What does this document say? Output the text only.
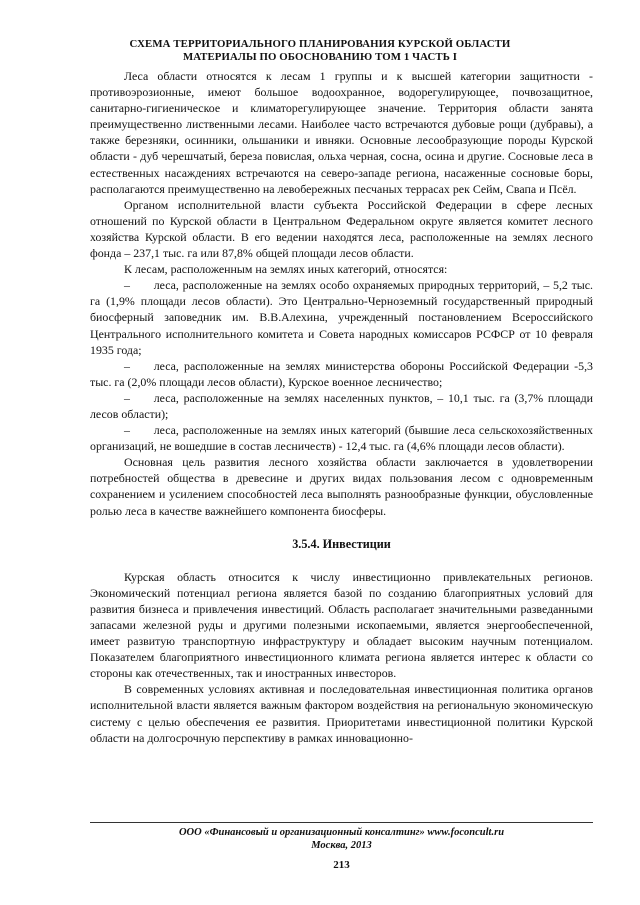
СХЕМА ТЕРРИТОРИАЛЬНОГО ПЛАНИРОВАНИЯ КУРСКОЙ ОБЛАСТИ
МАТЕРИАЛЫ ПО ОБОСНОВАНИЮ ТОМ 1 ЧАСТЬ I

Леса области относятся к лесам 1 группы и к высшей категории защитности - противоэрозионные, имеют большое водоохранное, водорегулирующее, почвозащитное, санитарно-гигиеническое и климаторегулирующее значение. Территория области занята преимущественно лиственными лесами. Наиболее часто встречаются дубовые рощи (дубравы), а также березняки, осинники, ольшаники и ивняки. Основные лесообразующие породы Курской области - дуб черешчатый, береза повислая, ольха черная, сосна, осина и другие. Сосновые леса в естественных насаждениях встречаются на северо-западе региона, насаженные сосновые боры, располагаются преимущественно на левобережных песчаных террасах рек Сейм, Свапа и Псёл.

Органом исполнительной власти субъекта Российской Федерации в сфере лесных отношений по Курской области в Центральном Федеральном округе является комитет лесного хозяйства Курской области. В его ведении находятся леса, расположенные на землях лесного фонда – 237,1 тыс. га или 87,8% общей площади лесов области.

К лесам, расположенным на землях иных категорий, относятся:

–  леса, расположенные на землях особо охраняемых природных территорий, – 5,2 тыс. га (1,9% площади лесов области). Это Центрально-Черноземный государственный природный биосферный заповедник им. В.В.Алехина, учрежденный постановлением Всероссийского Центрального исполнительного комитета и Совета народных комиссаров РСФСР от 10 февраля 1935 года;

–  леса, расположенные на землях министерства обороны Российской Федерации -5,3 тыс. га (2,0% площади лесов области), Курское военное лесничество;

–  леса, расположенные на землях населенных пунктов, – 10,1 тыс. га (3,7% площади лесов области);

–  леса, расположенные на землях иных категорий (бывшие леса сельскохозяйственных организаций, не вошедшие в состав лесничеств) - 12,4 тыс. га (4,6% площади лесов области).

Основная цель развития лесного хозяйства области заключается в удовлетворении потребностей общества в древесине и других видах пользования лесом с одновременным сохранением и усилением способностей леса выполнять разнообразные функции, обусловленные ролью леса в качестве важнейшего компонента биосферы.

3.5.4. Инвестиции

Курская область относится к числу инвестиционно привлекательных регионов. Экономический потенциал региона является базой по созданию благоприятных условий для развития бизнеса и привлечения инвестиций. Область располагает значительными разведанными запасами железной руды и другими полезными ископаемыми, является энергообеспеченной, имеет развитую транспортную инфраструктуру и обладает высоким научным потенциалом. Показателем благоприятного инвестиционного климата региона является интерес к области со стороны как отечественных, так и иностранных инвесторов.

В современных условиях активная и последовательная инвестиционная политика органов исполнительной власти является важным фактором воздействия на региональную экономическую систему с целью обеспечения ее развития. Приоритетами инвестиционной политики Курской области на долгосрочную перспективу в рамках инновационно-

ООО «Финансовый и организационный консалтинг» www.foconcult.ru
Москва, 2013
213
